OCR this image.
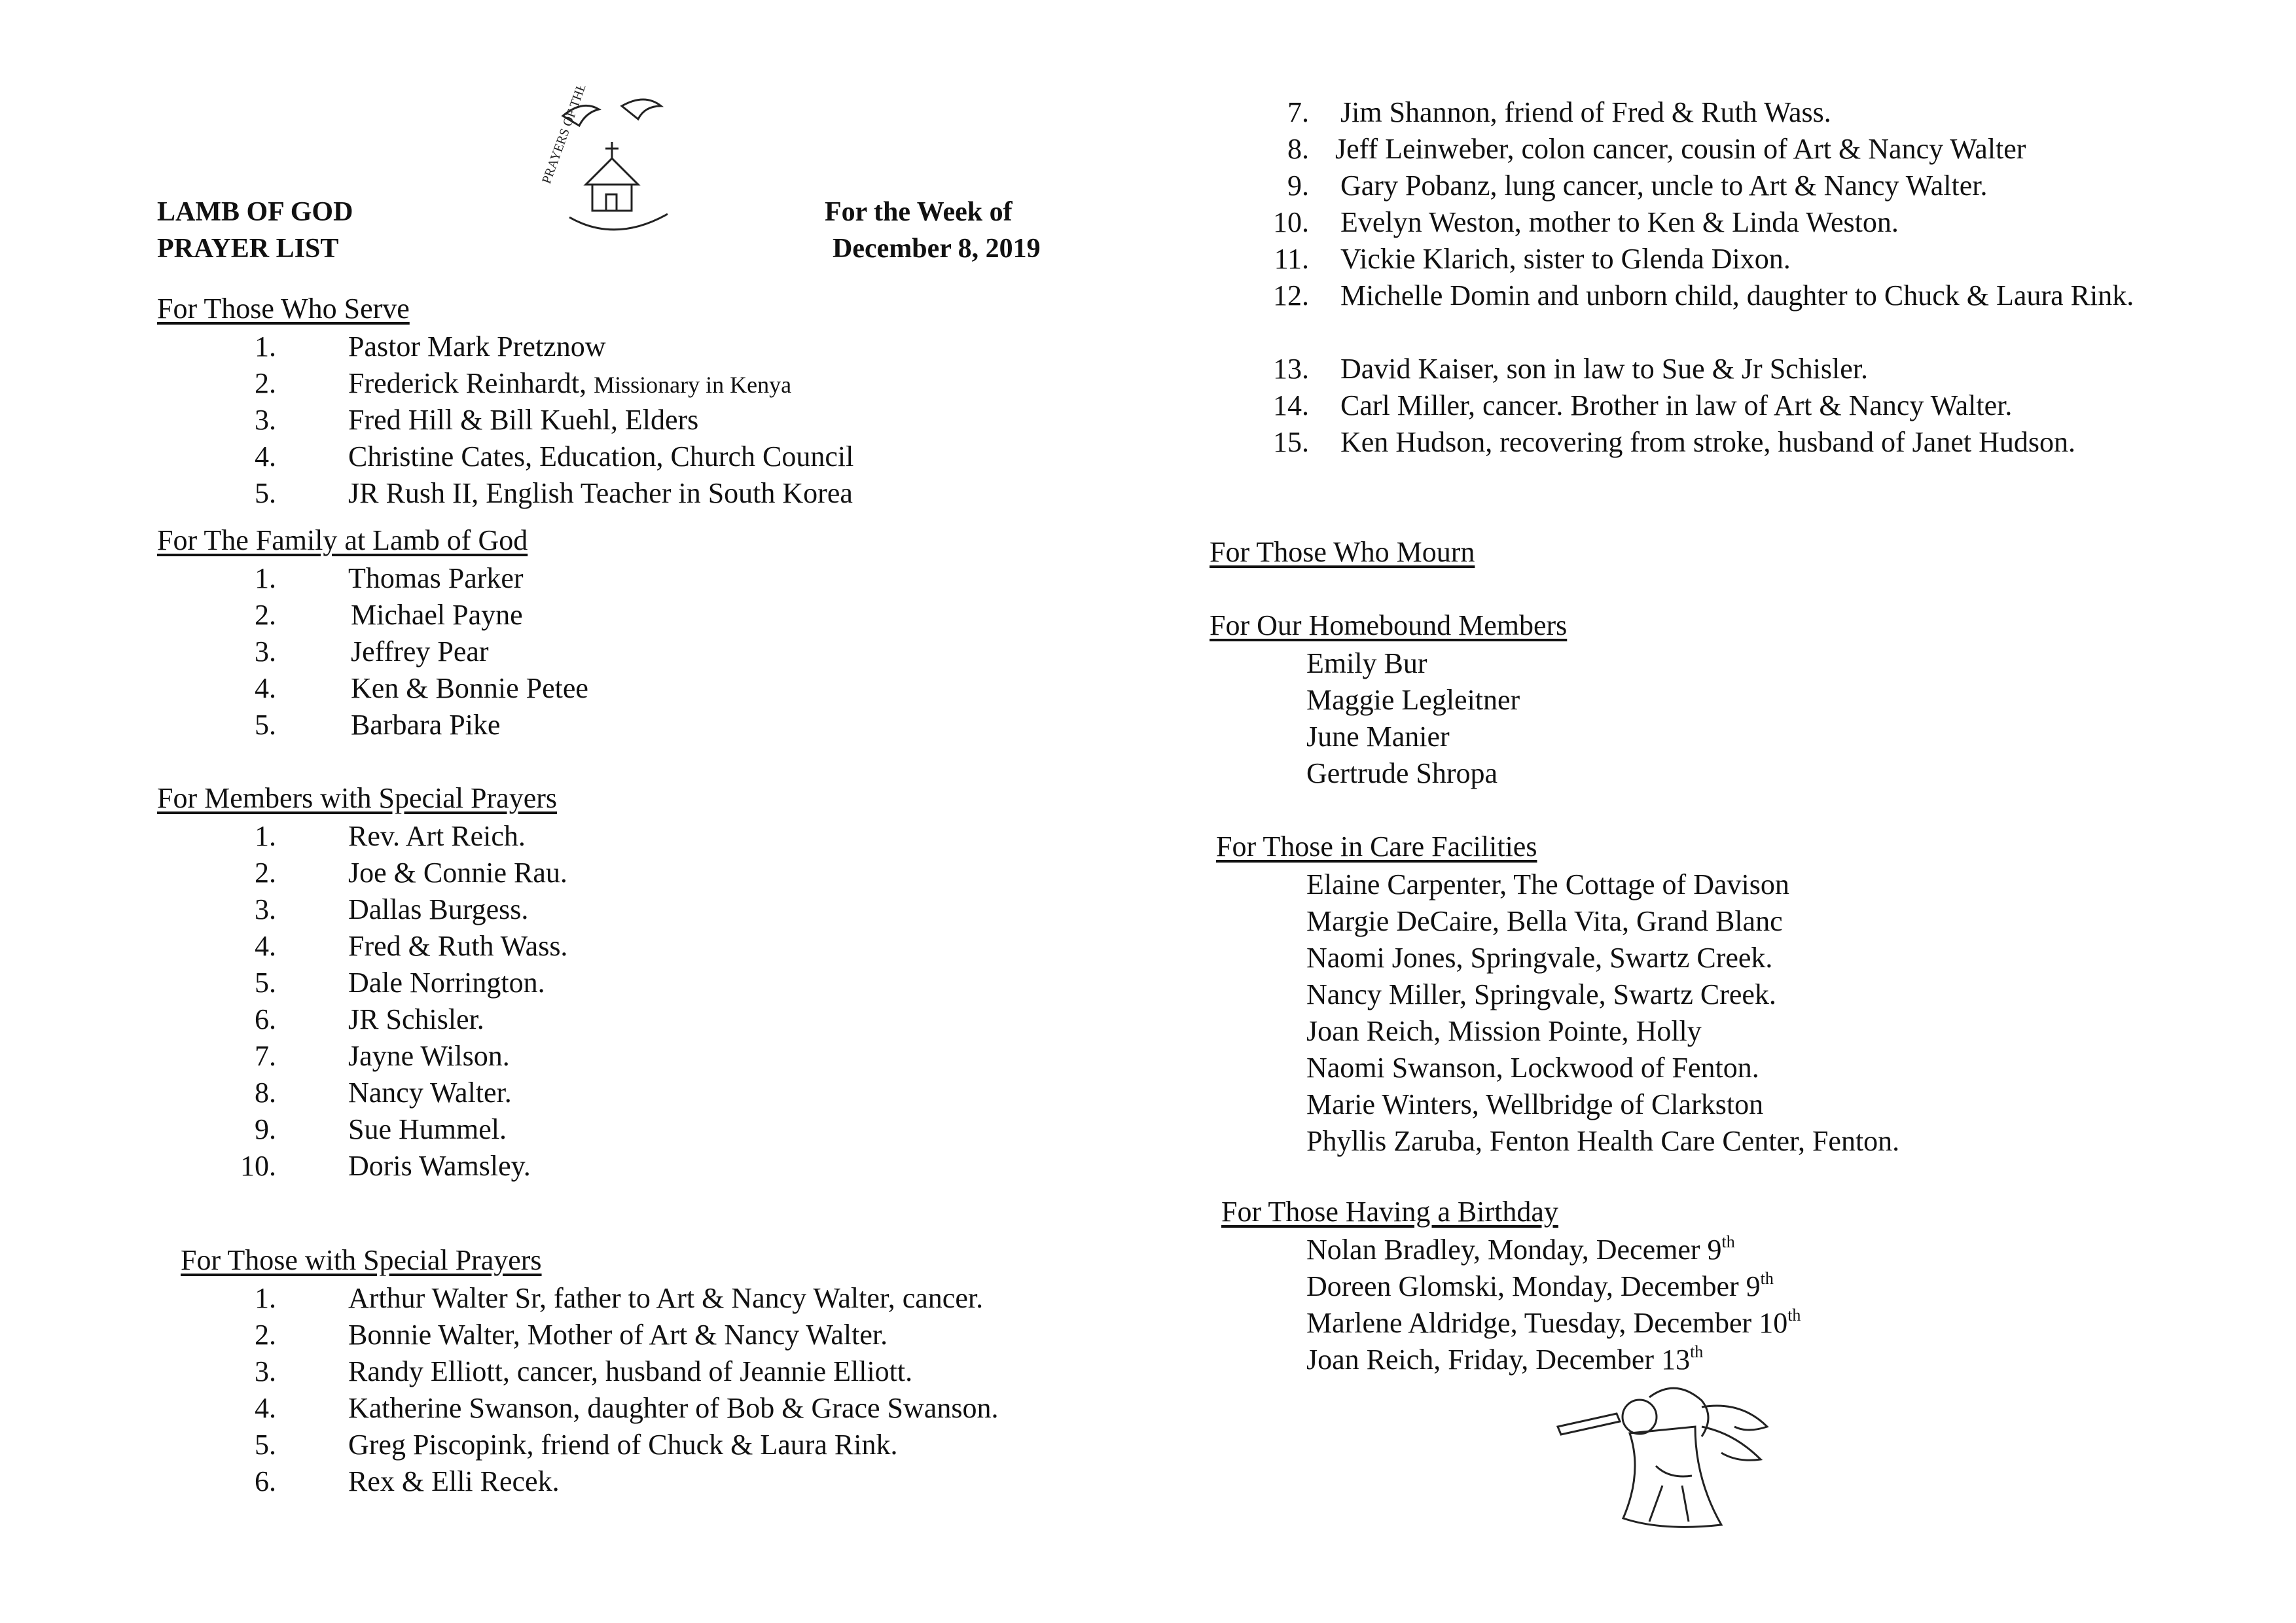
LAMB OF GOD
PRAYER LIST
PRAYERS OF THE CHURCH
For the Week of
December 8, 2019
For Those Who Serve
1.	Pastor Mark Pretznow
2.	Frederick Reinhardt, Missionary in Kenya
3.	Fred Hill & Bill Kuehl, Elders
4.	Christine Cates, Education, Church Council
5.	JR Rush II, English Teacher in South Korea
For The Family at Lamb of God
1.	Thomas Parker
2.	Michael Payne
3.	Jeffrey Pear
4.	Ken & Bonnie Petee
5.	Barbara Pike
For Members with Special Prayers
1.	Rev. Art Reich.
2.	Joe & Connie Rau.
3.	Dallas Burgess.
4.	Fred & Ruth Wass.
5.	Dale Norrington.
6.	JR Schisler.
7.	Jayne Wilson.
8.	Nancy Walter.
9.	Sue Hummel.
10.	Doris Wamsley.
For Those with Special Prayers
1.	Arthur Walter Sr, father to Art & Nancy Walter, cancer.
2.	Bonnie Walter, Mother of Art & Nancy Walter.
3.	Randy Elliott, cancer, husband of Jeannie Elliott.
4.	Katherine Swanson, daughter of Bob & Grace Swanson.
5.	Greg Piscopink, friend of Chuck & Laura Rink.
6.	Rex & Elli Recek.
7. Jim Shannon, friend of Fred & Ruth Wass.
8. Jeff Leinweber, colon cancer, cousin of Art & Nancy Walter
9. Gary Pobanz, lung cancer, uncle to Art & Nancy Walter.
10. Evelyn Weston, mother to Ken & Linda Weston.
11. Vickie Klarich, sister to Glenda Dixon.
12. Michelle Domin and unborn child, daughter to Chuck & Laura Rink.
13. David Kaiser, son in law to Sue & Jr Schisler.
14. Carl Miller, cancer. Brother in law of Art & Nancy Walter.
15. Ken Hudson, recovering from stroke, husband of Janet Hudson.
For Those Who Mourn
For Our Homebound Members
Emily Bur
Maggie Legleitner
June Manier
Gertrude Shropa
For Those in Care Facilities
Elaine Carpenter, The Cottage of Davison
Margie DeCaire, Bella Vita, Grand Blanc
Naomi Jones, Springvale, Swartz Creek.
Nancy Miller, Springvale, Swartz Creek.
Joan Reich, Mission Pointe, Holly
Naomi Swanson, Lockwood of Fenton.
Marie Winters, Wellbridge of Clarkston
Phyllis Zaruba, Fenton Health Care Center, Fenton.
For Those Having a Birthday
Nolan Bradley, Monday, Decemer 9th
Doreen Glomski, Monday, December 9th
Marlene Aldridge, Tuesday, December 10th
Joan Reich, Friday, December 13th
